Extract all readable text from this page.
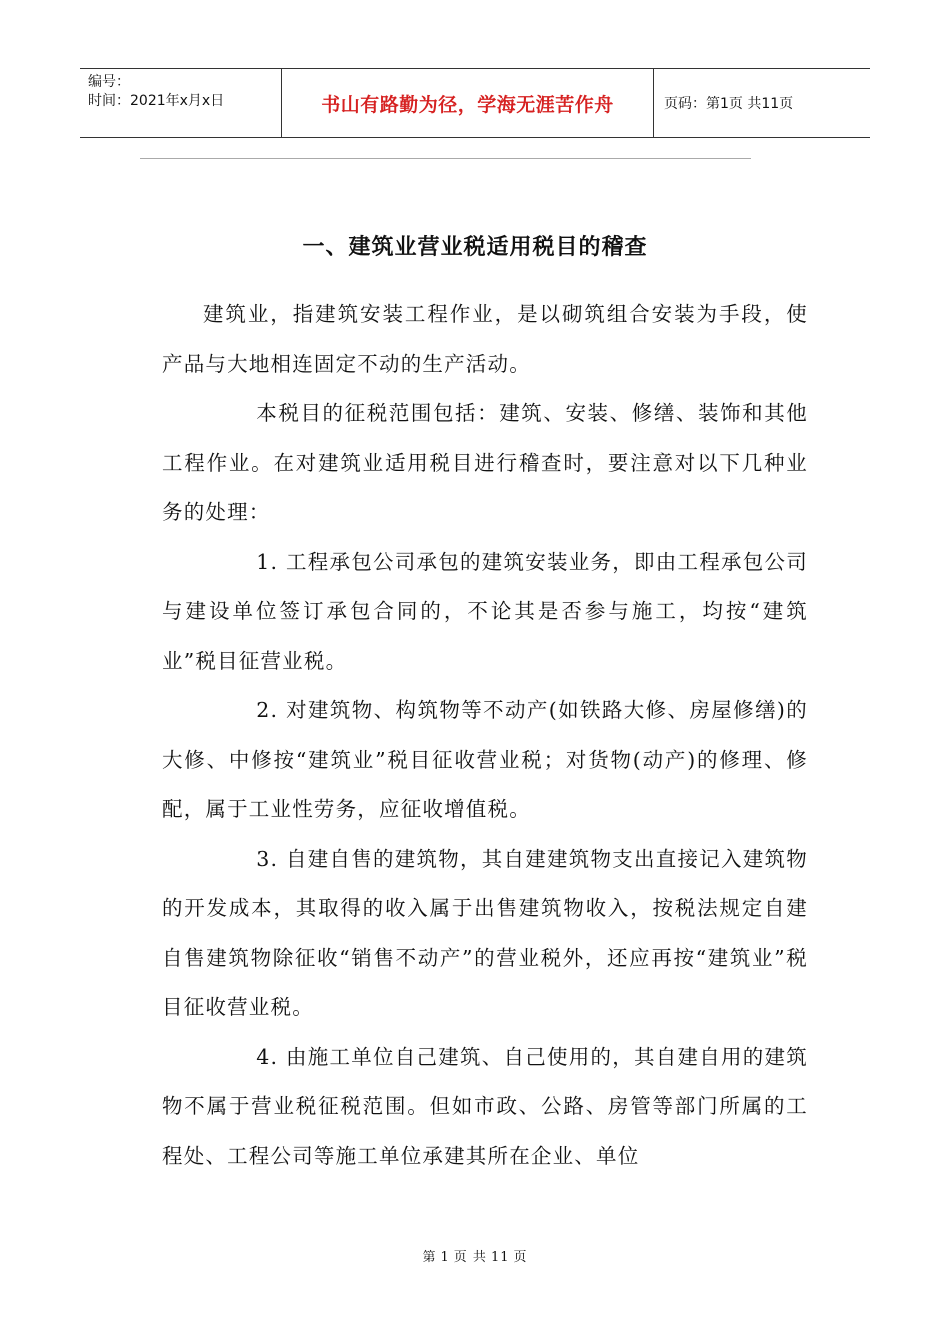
编号：
时间：2021年x月x日	书山有路勤为径，学海无涯苦作舟	页码：第1页 共11页
一、建筑业营业税适用税目的稽查

建筑业，指建筑安装工程作业，是以砌筑组合安装为手段，使产品与大地相连固定不动的生产活动。

本税目的征税范围包括：建筑、安装、修缮、装饰和其他工程作业。在对建筑业适用税目进行稽查时，要注意对以下几种业务的处理：

1. 工程承包公司承包的建筑安装业务，即由工程承包公司与建设单位签订承包合同的，不论其是否参与施工，均按“建筑业”税目征营业税。

2. 对建筑物、构筑物等不动产(如铁路大修、房屋修缮)的大修、中修按“建筑业”税目征收营业税；对货物(动产)的修理、修配，属于工业性劳务，应征收增值税。

3. 自建自售的建筑物，其自建建筑物支出直接记入建筑物的开发成本，其取得的收入属于出售建筑物收入，按税法规定自建自售建筑物除征收“销售不动产”的营业税外，还应再按“建筑业”税目征收营业税。

4. 由施工单位自己建筑、自己使用的，其自建自用的建筑物不属于营业税征税范围。但如市政、公路、房管等部门所属的工程处、工程公司等施工单位承建其所在企业、单位

第 1 页 共 11 页
